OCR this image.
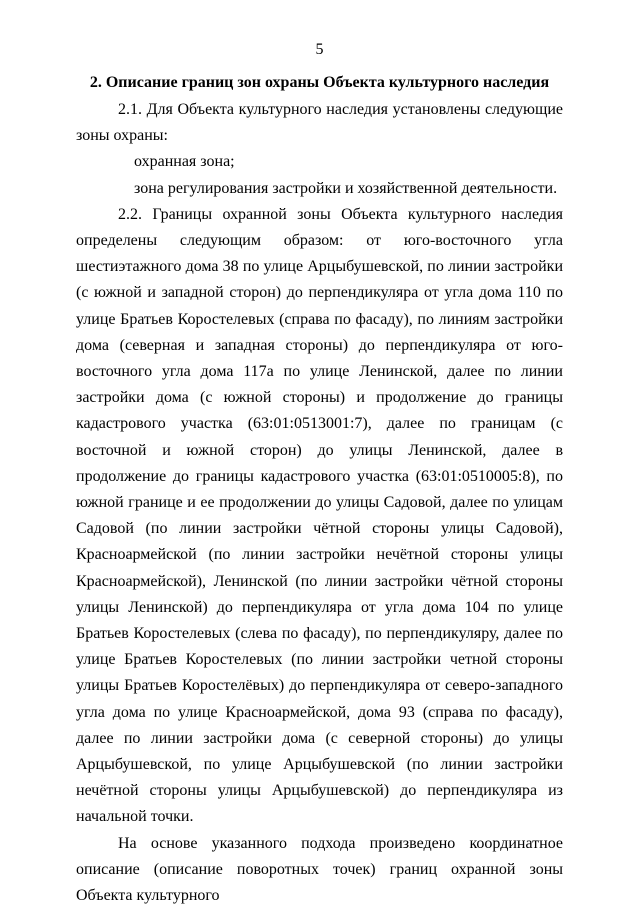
5
2. Описание границ зон охраны Объекта культурного наследия

2.1. Для Объекта культурного наследия установлены следующие зоны охраны:

охранная зона;

зона регулирования застройки и хозяйственной деятельности.

2.2. Границы охранной зоны Объекта культурного наследия определены следующим образом: от юго-восточного угла шестиэтажного дома 38 по улице Арцыбушевской, по линии застройки (с южной и западной сторон) до перпендикуляра от угла дома 110 по улице Братьев Коростелевых (справа по фасаду), по линиям застройки дома (северная и западная стороны) до перпендикуляра от юго-восточного угла дома 117а по улице Ленинской, далее по линии застройки дома (с южной стороны) и продолжение до границы кадастрового участка (63:01:0513001:7), далее по границам (с восточной и южной сторон) до улицы Ленинской, далее в продолжение до границы кадастрового участка (63:01:0510005:8), по южной границе и ее продолжении до улицы Садовой, далее по улицам Садовой (по линии застройки чётной стороны улицы Садовой), Красноармейской (по линии застройки нечётной стороны улицы Красноармейской), Ленинской (по линии застройки чётной стороны улицы Ленинской) до перпендикуляра от угла дома 104 по улице Братьев Коростелевых (слева по фасаду), по перпендикуляру, далее по улице Братьев Коростелевых (по линии застройки четной стороны улицы Братьев Коростелёвых) до перпендикуляра от северо-западного угла дома по улице Красноармейской, дома 93 (справа по фасаду), далее по линии застройки дома (с северной стороны) до улицы Арцыбушевской, по улице Арцыбушевской (по линии застройки нечётной стороны улицы Арцыбушевской) до перпендикуляра из начальной точки.

На основе указанного подхода произведено координатное описание (описание поворотных точек) границ охранной зоны Объекта культурного
